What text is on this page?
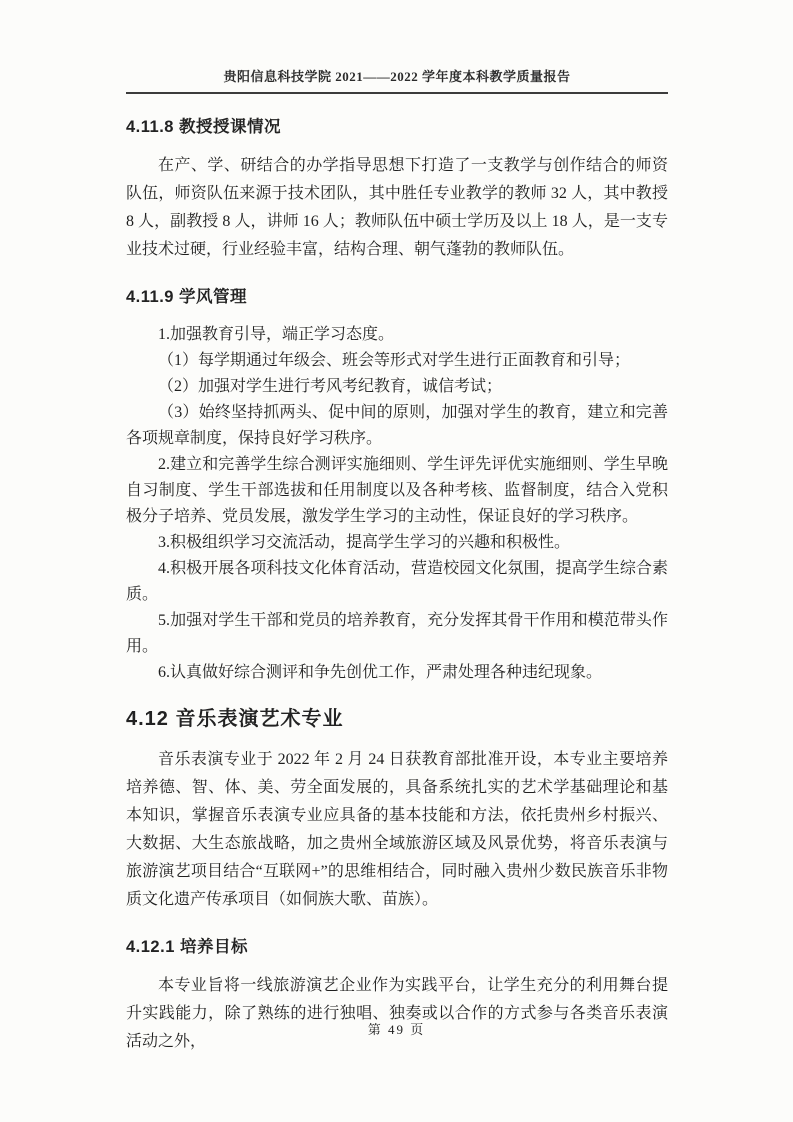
贵阳信息科技学院 2021——2022 学年度本科教学质量报告
4.11.8 教授授课情况

在产、学、研结合的办学指导思想下打造了一支教学与创作结合的师资队伍，师资队伍来源于技术团队，其中胜任专业教学的教师 32 人，其中教授 8 人，副教授 8 人，讲师 16 人；教师队伍中硕士学历及以上 18 人，是一支专业技术过硬，行业经验丰富，结构合理、朝气蓬勃的教师队伍。

4.11.9 学风管理

1.加强教育引导，端正学习态度。

（1）每学期通过年级会、班会等形式对学生进行正面教育和引导；

（2）加强对学生进行考风考纪教育，诚信考试；

（3）始终坚持抓两头、促中间的原则，加强对学生的教育，建立和完善各项规章制度，保持良好学习秩序。

2.建立和完善学生综合测评实施细则、学生评先评优实施细则、学生早晚自习制度、学生干部选拔和任用制度以及各种考核、监督制度，结合入党积极分子培养、党员发展，激发学生学习的主动性，保证良好的学习秩序。

3.积极组织学习交流活动，提高学生学习的兴趣和积极性。

4.积极开展各项科技文化体育活动，营造校园文化氛围，提高学生综合素质。

5.加强对学生干部和党员的培养教育，充分发挥其骨干作用和模范带头作用。

6.认真做好综合测评和争先创优工作，严肃处理各种违纪现象。

4.12 音乐表演艺术专业

音乐表演专业于 2022 年 2 月 24 日获教育部批准开设，本专业主要培养培养德、智、体、美、劳全面发展的，具备系统扎实的艺术学基础理论和基本知识，掌握音乐表演专业应具备的基本技能和方法，依托贵州乡村振兴、大数据、大生态旅战略，加之贵州全域旅游区域及风景优势，将音乐表演与旅游演艺项目结合“互联网+”的思维相结合，同时融入贵州少数民族音乐非物质文化遗产传承项目（如侗族大歌、苗族）。

4.12.1 培养目标

本专业旨将一线旅游演艺企业作为实践平台，让学生充分的利用舞台提升实践能力，除了熟练的进行独唱、独奏或以合作的方式参与各类音乐表演活动之外，

第 49 页
